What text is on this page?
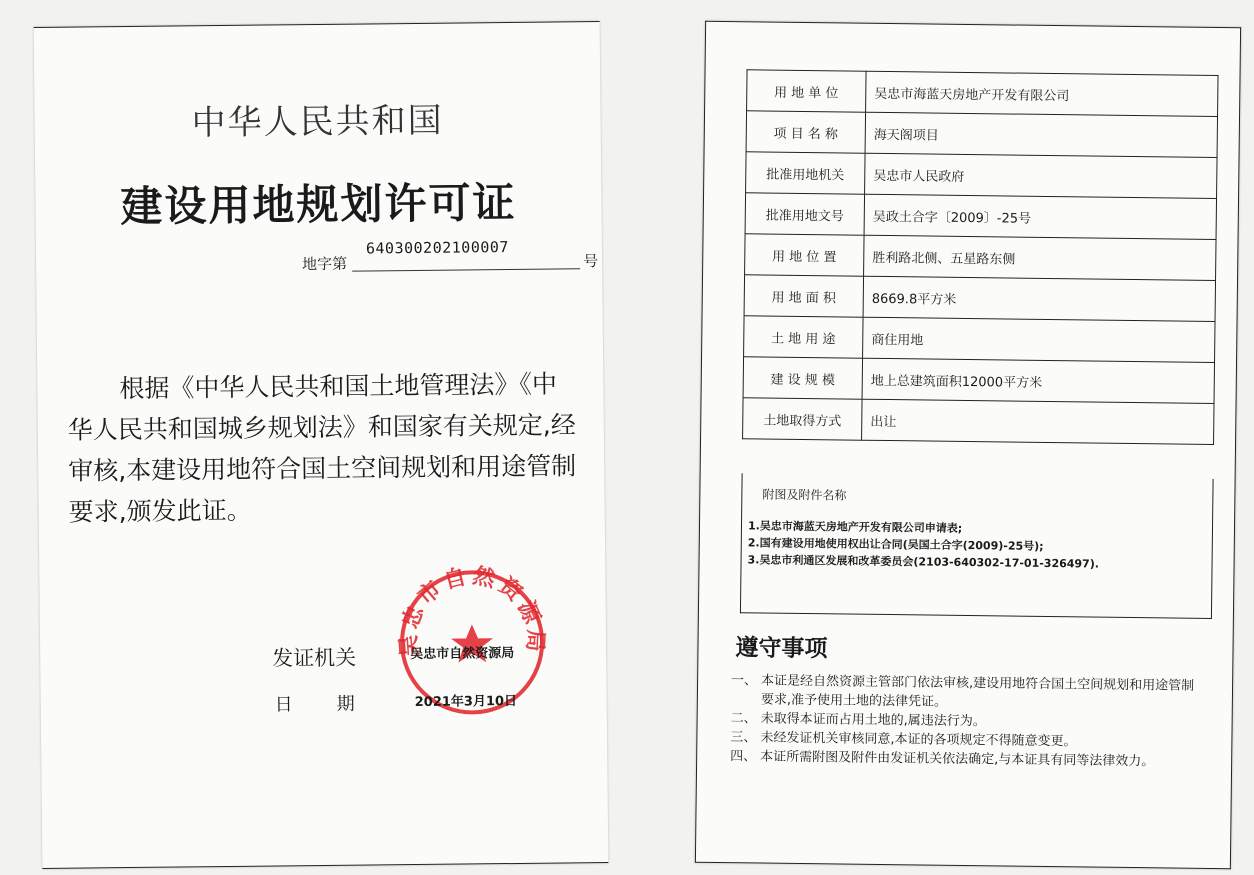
中华人民共和国
建设用地规划许可证
地字第
640300202100007
号
根据《中华人民共和国土地管理法》《中华人民共和国城乡规划法》和国家有关规定,经审核,本建设用地符合国土空间规划和用途管制要求,颁发此证。
吴忠市自然资源局
发证机关	吴忠市自然资源局
日期 2021年3月10日
用 地 单 位	吴忠市海蓝天房地产开发有限公司
项 目 名 称	海天阁项目
批准用地机关	吴忠市人民政府
批准用地文号	吴政土合字〔2009〕-25号
用 地 位 置	胜利路北侧、五星路东侧
用 地 面 积	8669.8平方米
土 地 用 途	商住用地
建 设 规 模	地上总建筑面积12000平方米
土地取得方式	出让
附图及附件名称
1.吴忠市海蓝天房地产开发有限公司申请表;
2.国有建设用地使用权出让合同(吴国土合字(2009)-25号);
3.吴忠市利通区发展和改革委员会(2103-640302-17-01-326497).
遵守事项
一、 本证是经自然资源主管部门依法审核,建设用地符合国土空间规划和用途管制要求,准予使用土地的法律凭证。
二、 未取得本证而占用土地的,属违法行为。
三、 未经发证机关审核同意,本证的各项规定不得随意变更。
四、 本证所需附图及附件由发证机关依法确定,与本证具有同等法律效力。
